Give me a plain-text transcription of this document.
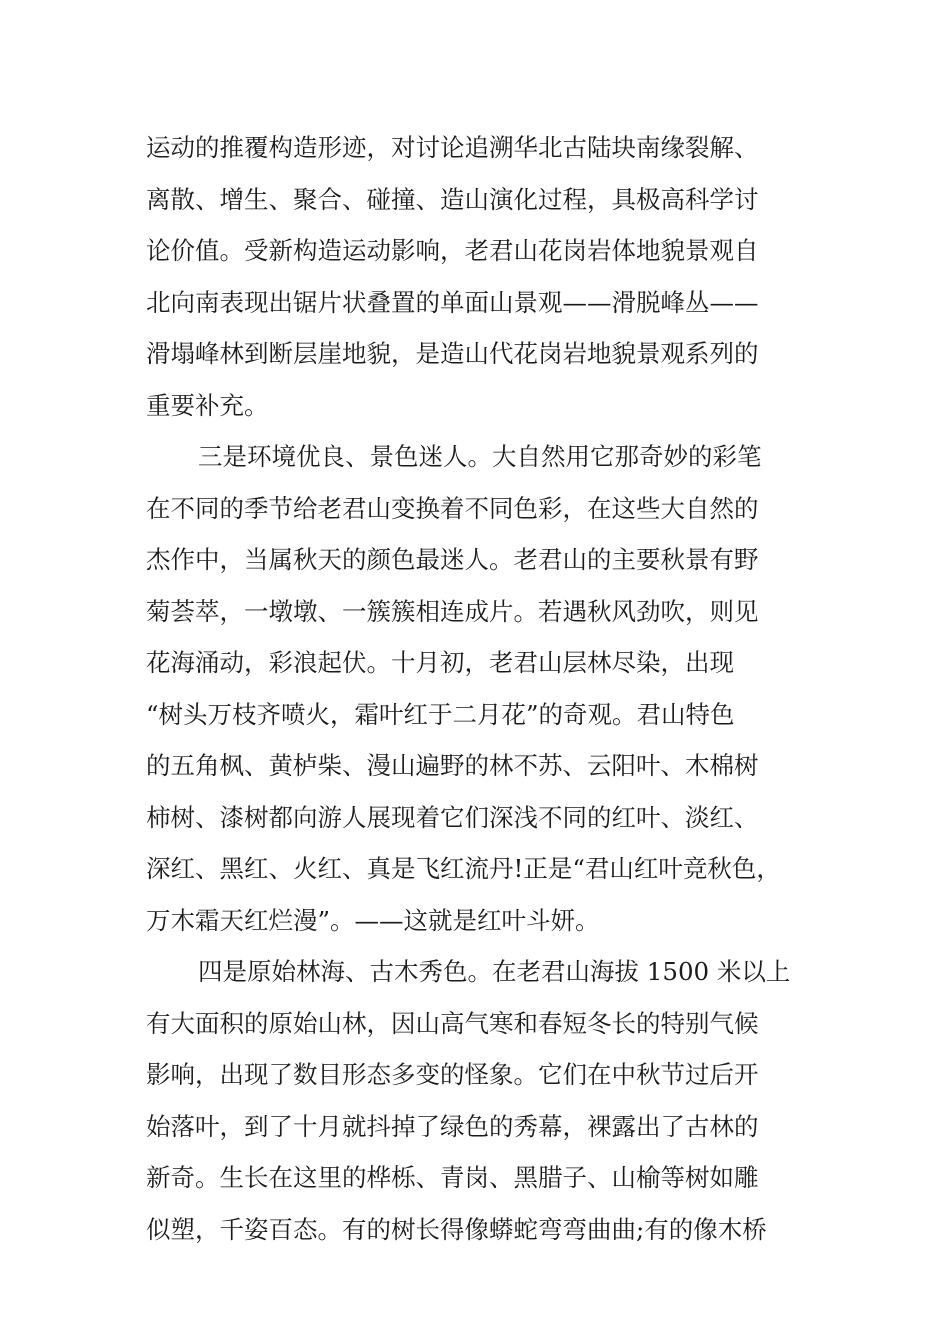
运动的推覆构造形迹，对讨论追溯华北古陆块南缘裂解、
离散、增生、聚合、碰撞、造山演化过程，具极高科学讨
论价值。受新构造运动影响，老君山花岗岩体地貌景观自
北向南表现出锯片状叠置的单面山景观——滑脱峰丛——
滑塌峰林到断层崖地貌，是造山代花岗岩地貌景观系列的
重要补充。
三是环境优良、景色迷人。大自然用它那奇妙的彩笔
在不同的季节给老君山变换着不同色彩，在这些大自然的
杰作中，当属秋天的颜色最迷人。老君山的主要秋景有野
菊荟萃，一墩墩、一簇簇相连成片。若遇秋风劲吹，则见
花海涌动，彩浪起伏。十月初，老君山层林尽染，出现
“树头万枝齐喷火，霜叶红于二月花”的奇观。君山特色
的五角枫、黄栌柴、漫山遍野的林不苏、云阳叶、木棉树
柿树、漆树都向游人展现着它们深浅不同的红叶、淡红、
深红、黑红、火红、真是飞红流丹!正是“君山红叶竞秋色，
万木霜天红烂漫”。——这就是红叶斗妍。
四是原始林海、古木秀色。在老君山海拔 1500 米以上
有大面积的原始山林，因山高气寒和春短冬长的特别气候
影响，出现了数目形态多变的怪象。它们在中秋节过后开
始落叶，到了十月就抖掉了绿色的秀幕，裸露出了古林的
新奇。生长在这里的桦栎、青岗、黑腊子、山榆等树如雕
似塑，千姿百态。有的树长得像蟒蛇弯弯曲曲;有的像木桥
